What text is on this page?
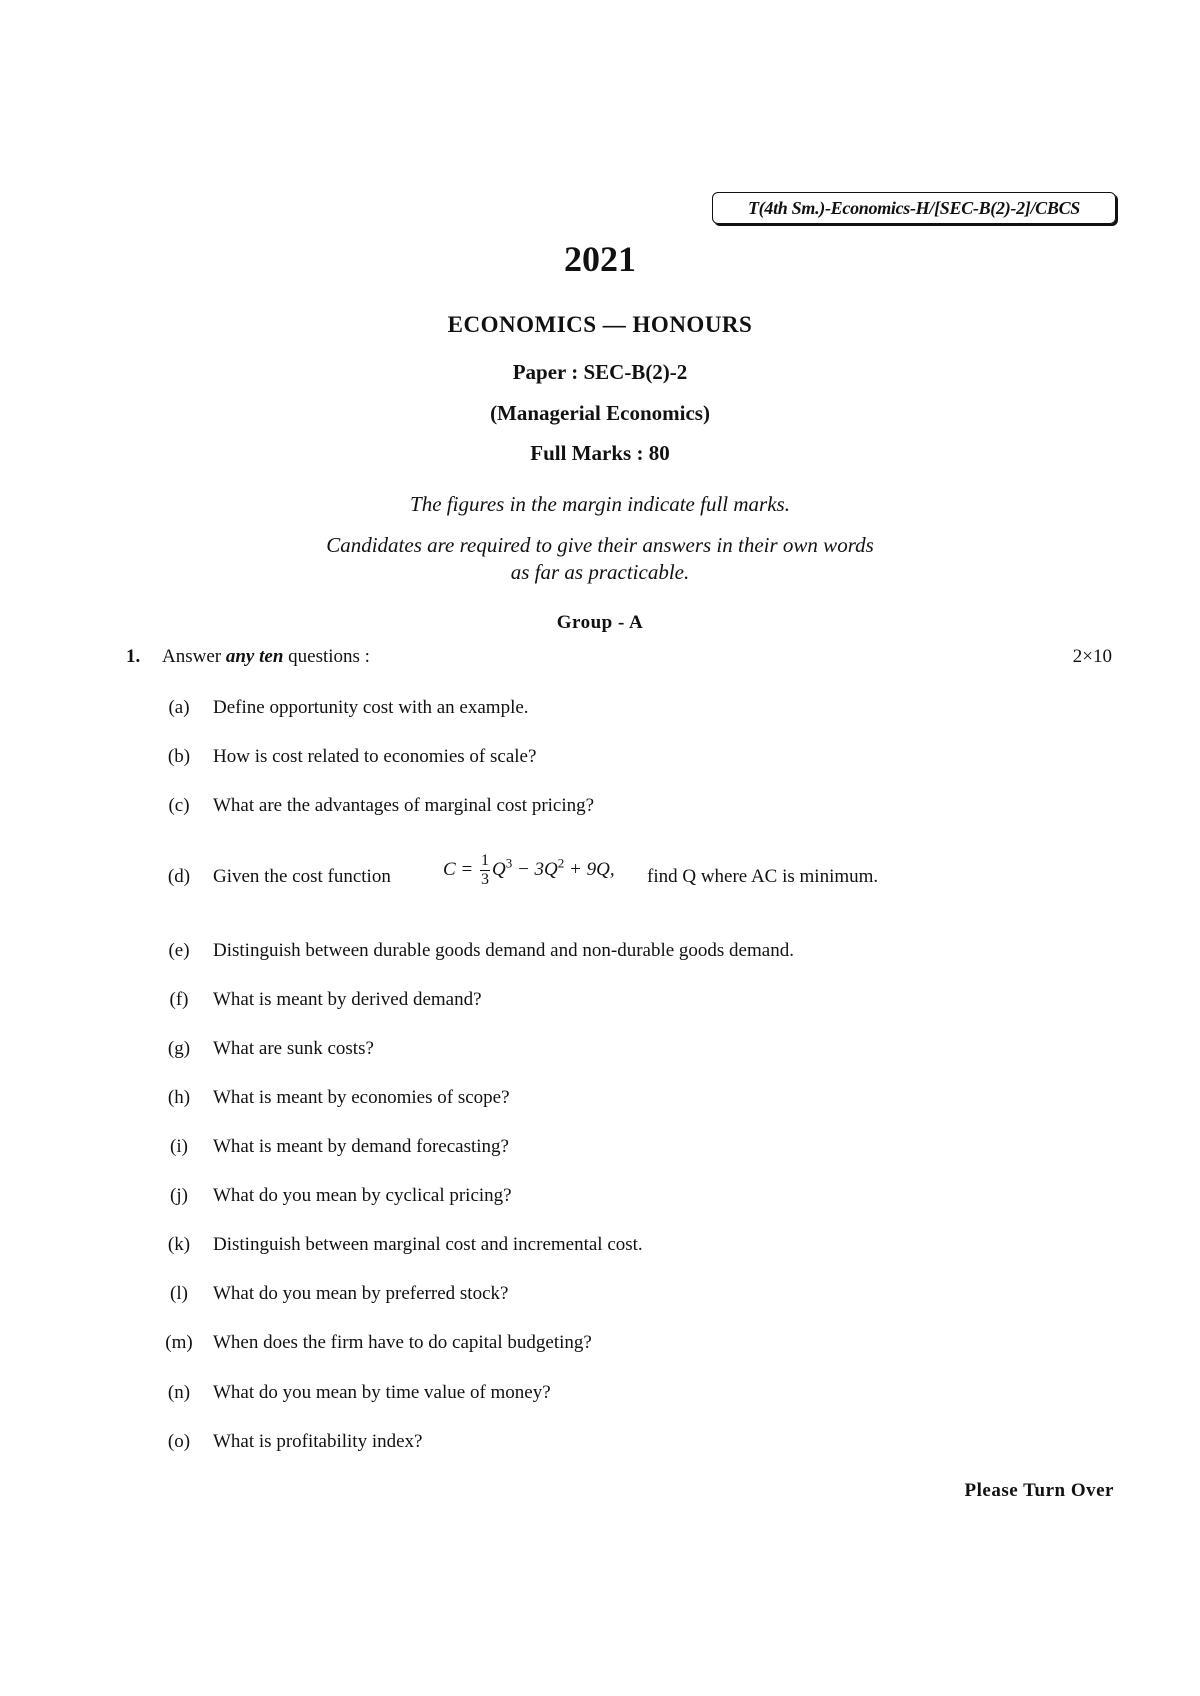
T(4th Sm.)-Economics-H/[SEC-B(2)-2]/CBCS
2021
ECONOMICS — HONOURS
Paper : SEC-B(2)-2
(Managerial Economics)
Full Marks : 80
The figures in the margin indicate full marks.
Candidates are required to give their answers in their own words
as far as practicable.
Group - A
1. Answer any ten questions :	2×10
(a)	Define opportunity cost with an example.
(b)	How is cost related to economies of scale?
(c)	What are the advantages of marginal cost pricing?
(d)	Given the cost function	$C = \frac{1}{3} Q^3 - 3Q^2 + 9Q$, find Q where AC is minimum.
(e)	Distinguish between durable goods demand and non-durable goods demand.
(f)	What is meant by derived demand?
(g)	What are sunk costs?
(h)	What is meant by economies of scope?
(i)	What is meant by demand forecasting?
(j)	What do you mean by cyclical pricing?
(k)	Distinguish between marginal cost and incremental cost.
(l)	What do you mean by preferred stock?
(m) When does the firm have to do capital budgeting?
(n)	What do you mean by time value of money?
(o)	What is profitability index?
Please Turn Over
